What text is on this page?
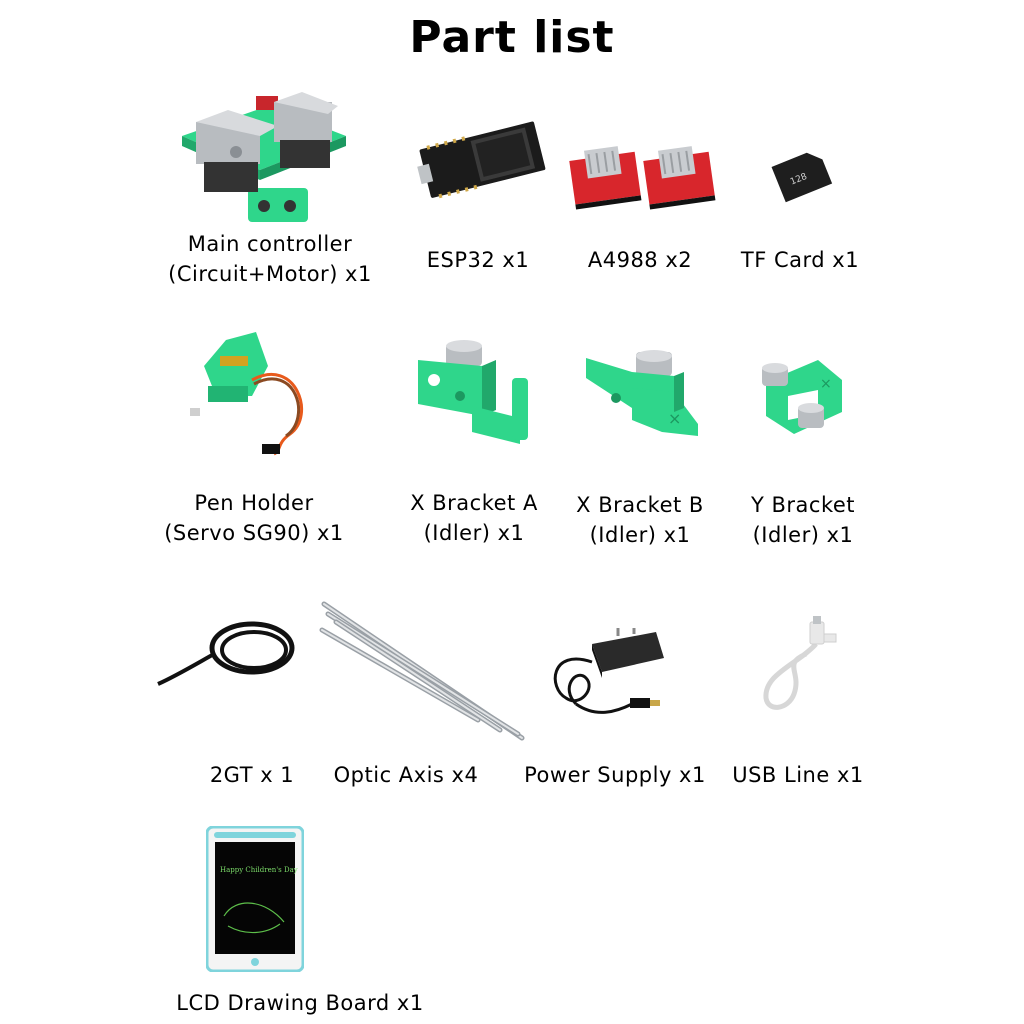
Part list
128
Main controller
(Circuit+Motor) x1
ESP32 x1	A4988 x2	TF Card x1
×
×
Pen Holder
(Servo SG90) x1
X Bracket A
(Idler) x1
X Bracket B
(Idler) x1
Y Bracket
(Idler) x1
2GT x 1	Optic Axis x4	Power Supply x1	USB Line x1
Happy Children's Day
LCD Drawing Board x1
